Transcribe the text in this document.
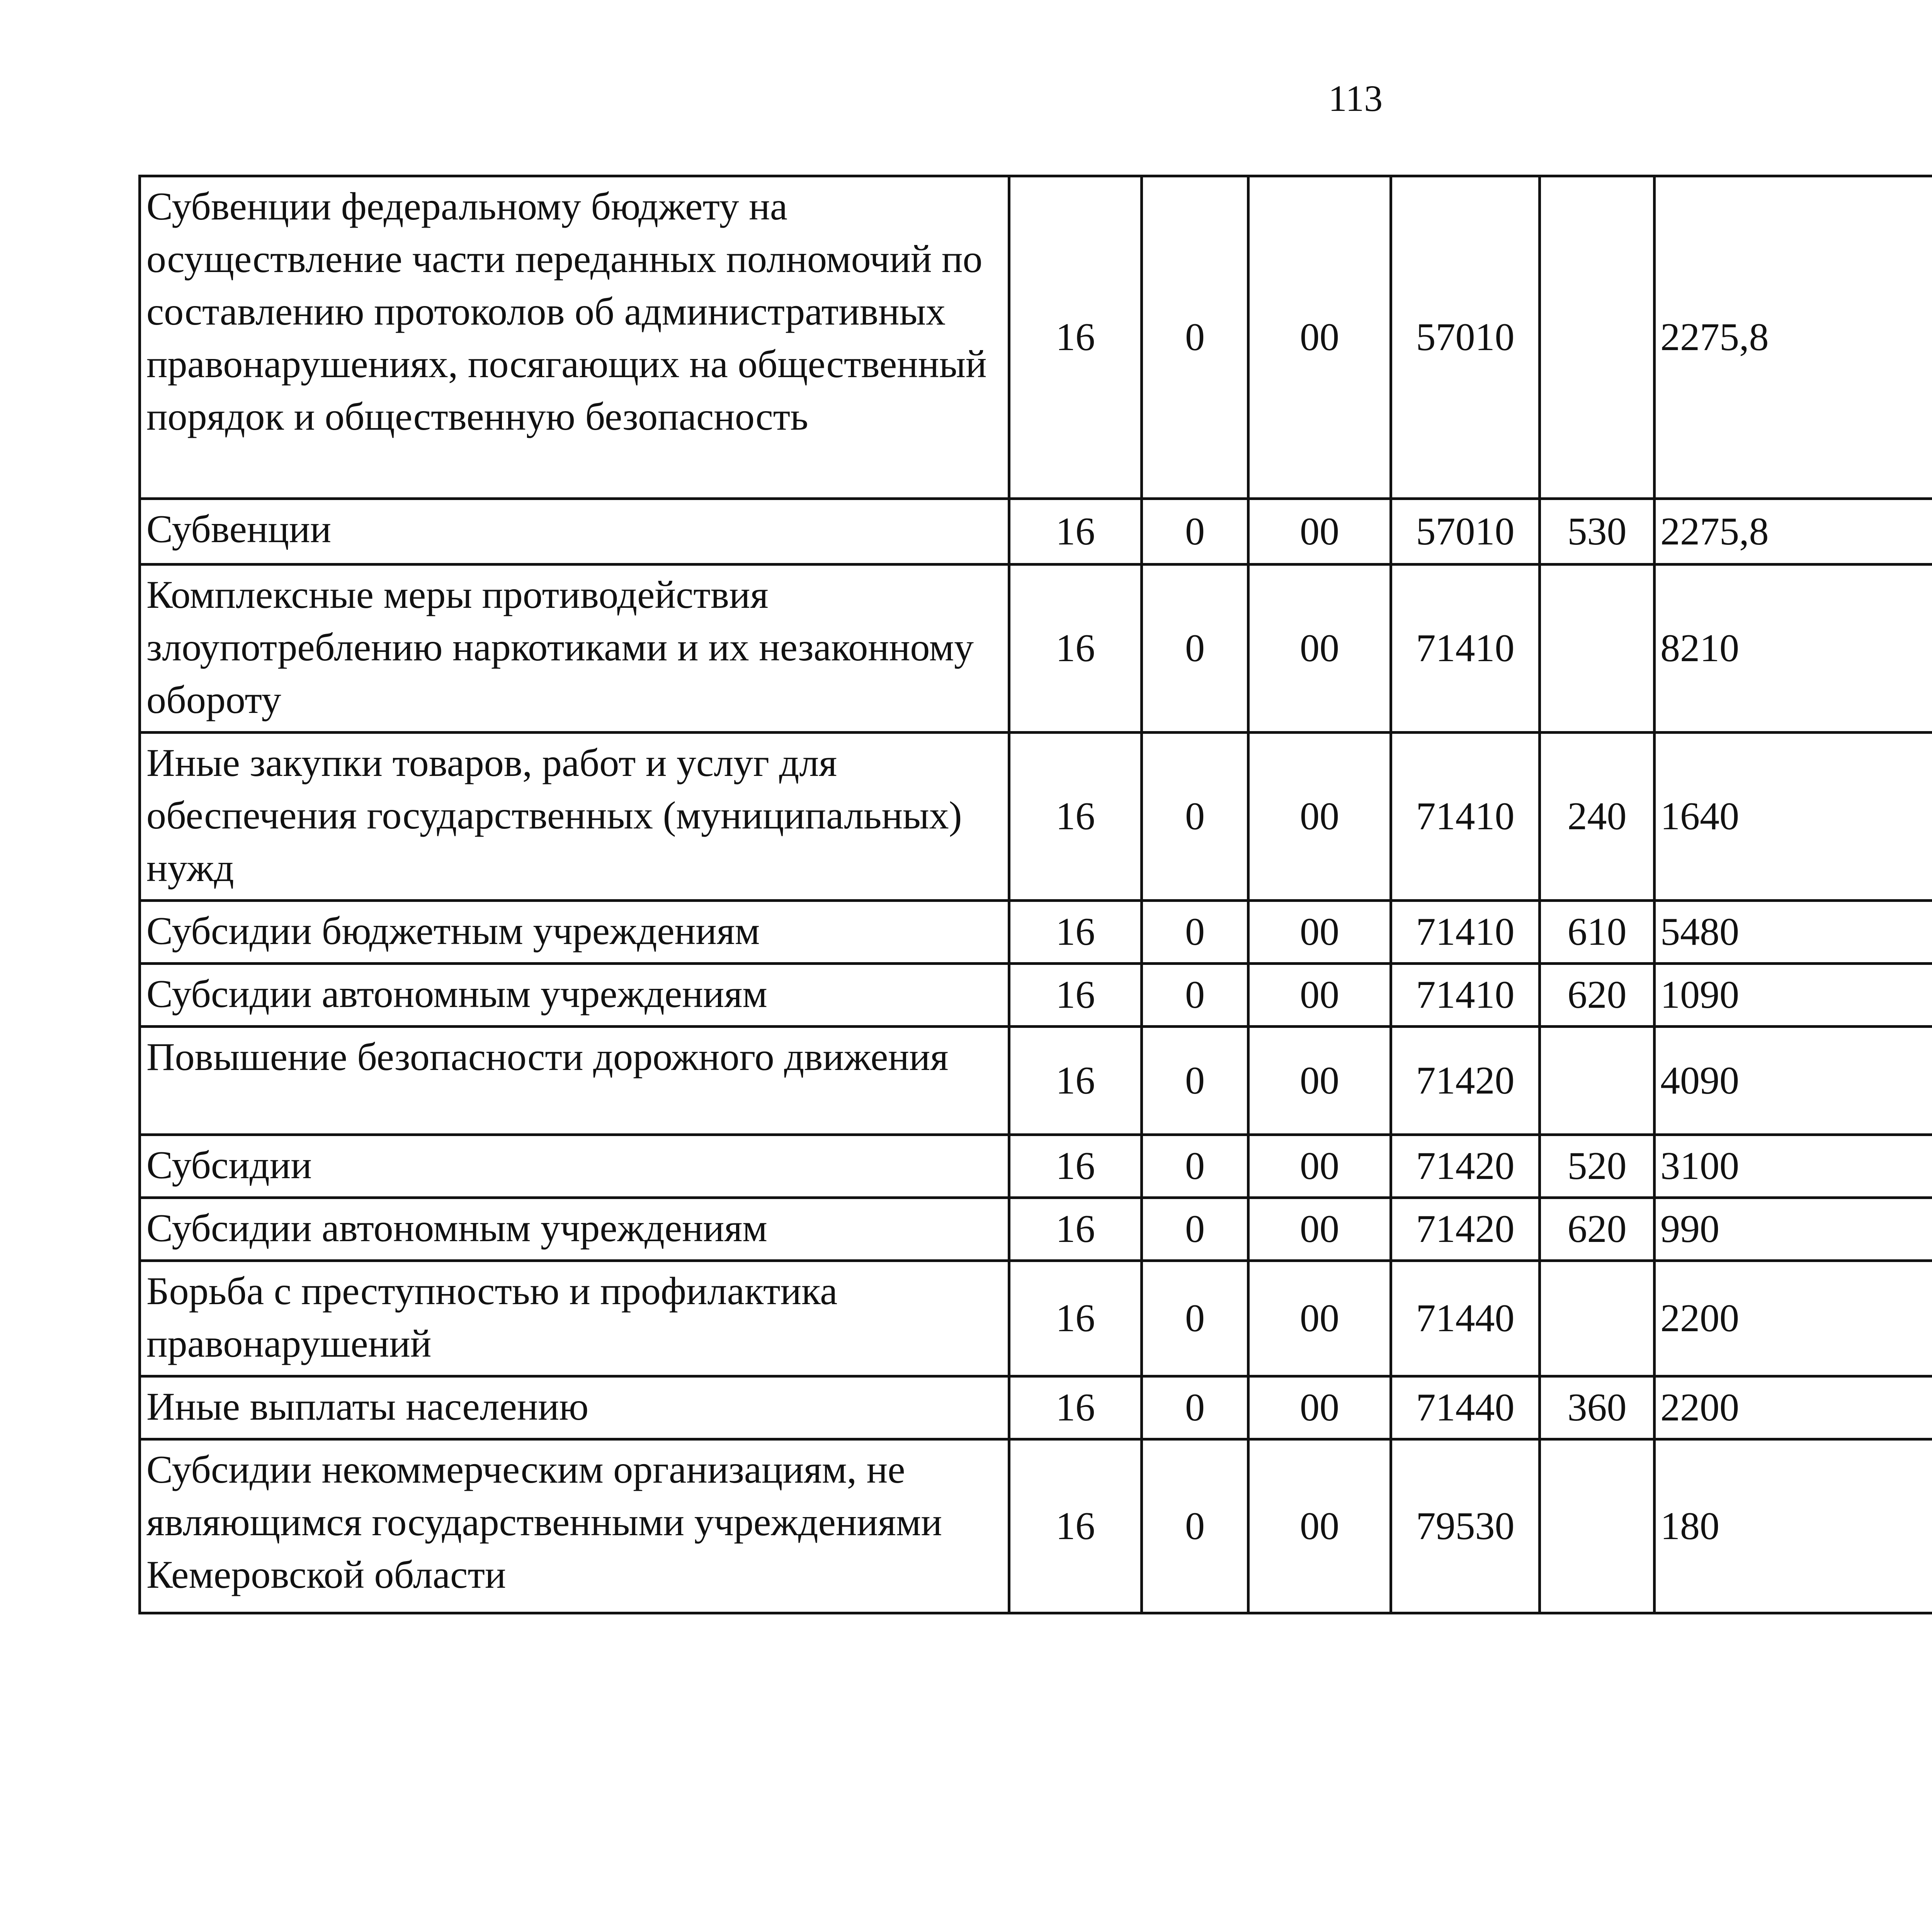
113
Субвенции федеральному бюджету на осуществление части переданных полномочий по составлению протоколов об административных правонарушениях, посягающих на общественный порядок и общественную безопасность	16	0	00	57010		2275,8		
Субвенции	16	0	00	57010	530	2275,8		
Комплексные меры противодействия злоупотреблению наркотиками и их незаконному обороту	16	0	00	71410		8210		
Иные закупки товаров, работ и услуг для обеспечения государственных (муниципальных) нужд	16	0	00	71410	240	1640		
Субсидии бюджетным учреждениям	16	0	00	71410	610	5480		
Субсидии автономным учреждениям	16	0	00	71410	620	1090		
Повышение безопасности дорожного движения	16	0	00	71420		4090		
Субсидии	16	0	00	71420	520	3100		
Субсидии автономным учреждениям	16	0	00	71420	620	990		
Борьба с преступностью и профилактика правонарушений	16	0	00	71440		2200		
Иные выплаты населению	16	0	00	71440	360	2200		
Субсидии некоммерческим организациям, не являющимся государственными учреждениями Кемеровской области	16	0	00	79530		180		
